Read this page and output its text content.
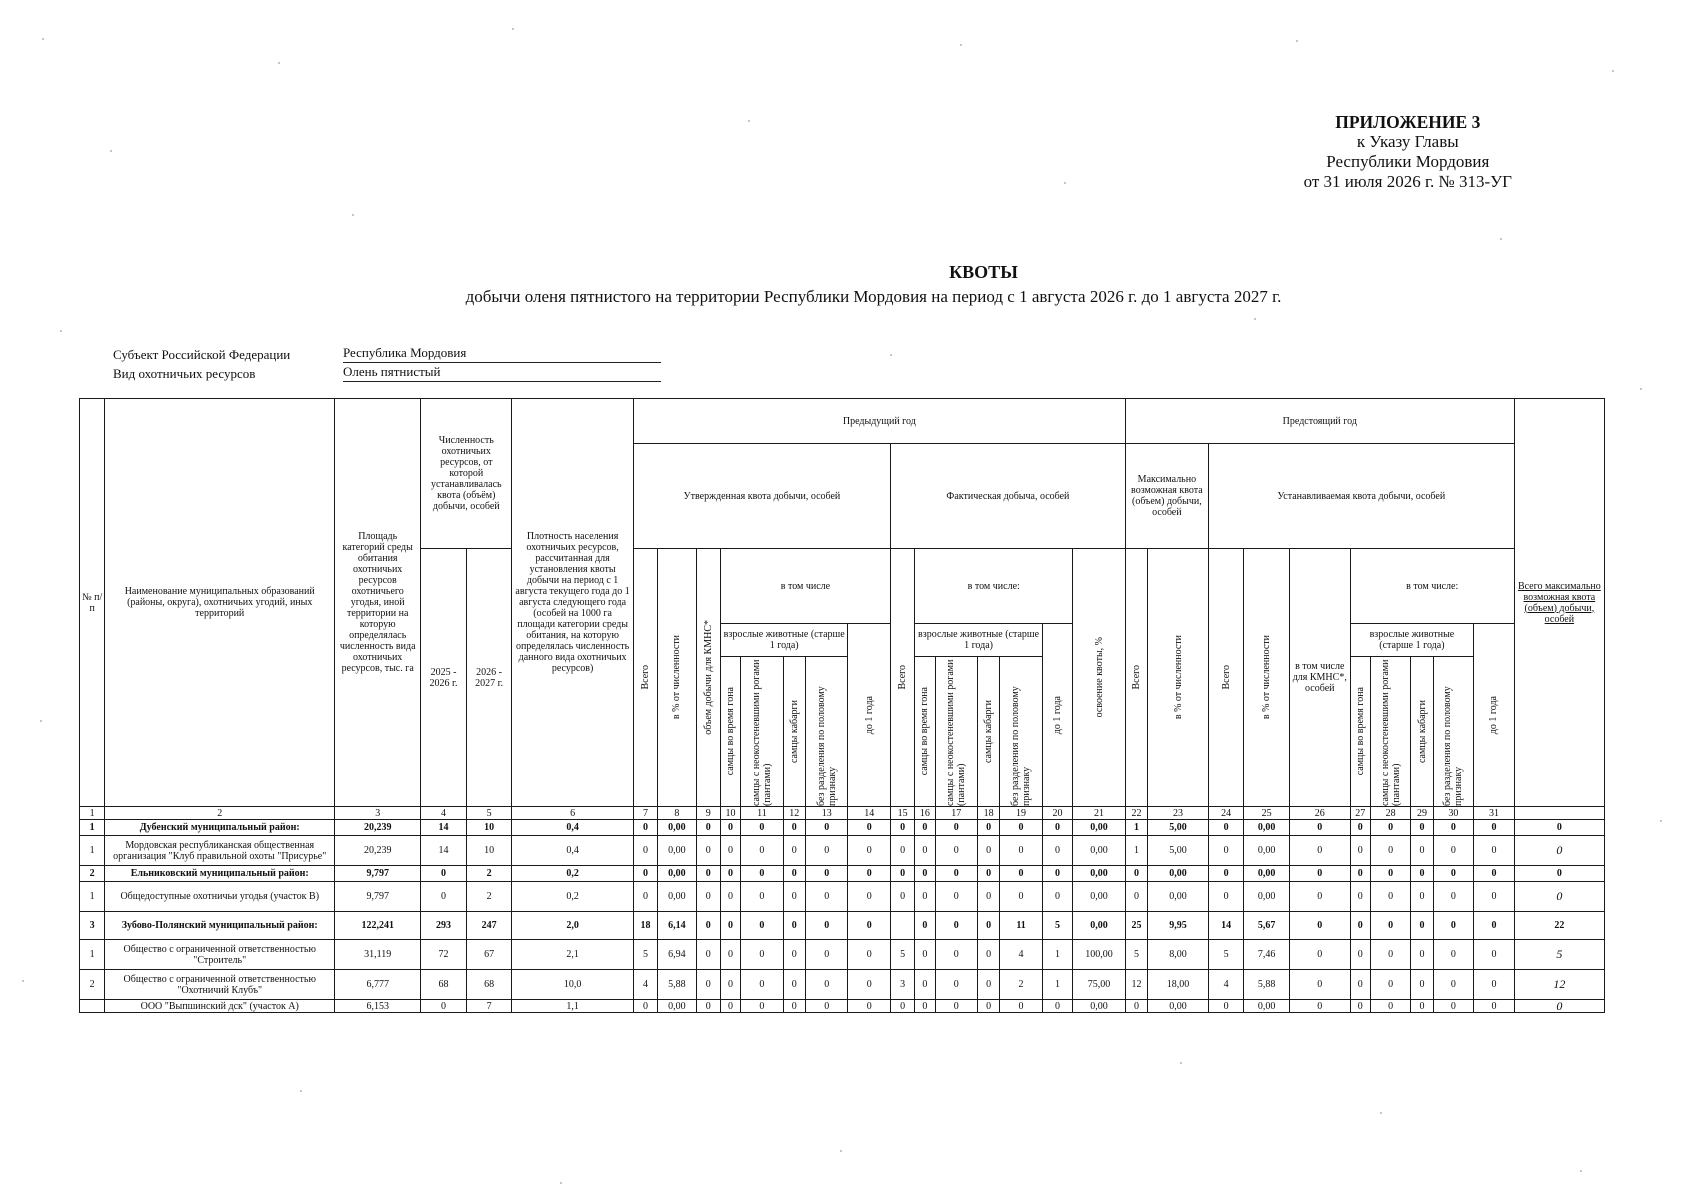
ПРИЛОЖЕНИЕ 3
к Указу Главы
Республики Мордовия
от 31 июля 2026 г. № 313-УГ
КВОТЫ
добычи оленя пятнистого на территории Республики Мордовия на период с 1 августа 2026 г. до 1 августа 2027 г.
Субъект Российской Федерации	Республика Мордовия
Вид охотничьих ресурсов	Олень пятнистый
№ п/п	Наименование муниципальных образований (районы, округа), охотничьих угодий, иных территорий	Площадь категорий среды обитания охотничьих ресурсов охотничьего угодья, иной территории на которую определялась численность вида охотничьих ресурсов, тыс. га	Численность охотничьих ресурсов, от которой устанавливалась квота (объём) добычи, особей		Плотность населения охотничьих ресурсов, рассчитанная для установления квоты добычи на период с 1 августа текущего года до 1 августа следующего года (особей на 1000 га площади категории среды обитания, на которую определялась численность данного вида охотничьих ресурсов)	Предыдущий год															Предстоящий год										Всего максимально возможная квота (объем) добычи, особей
						Утвержденная квота добычи, особей								Фактическая добыча, особей							Максимально возможная квота (объем) добычи, особей		Устанавливаемая квота добычи, особей								
			2025 - 2026 г.	2026 - 2027 г.		Всего	в % от численности	объем добычи для КМНС*	в том числе					Всего	в том числе:					освоение квоты, %	Всего	в % от численности	Всего	в % от численности	в том числе для КМНС*, особей	в том числе:					
									взрослые животные (старше 1 года)				до 1 года		взрослые животные (старше 1 года)				до 1 года							взрослые животные (старше 1 года)				до 1 года	

									самцы во время гона	самцы с неокостеневшими рогами (пантами)	самцы кабарги	без разделения по половому признаку			самцы во время гона	самцы с неокостеневшими рогами (пантами)	самцы кабарги	без разделения по половому признаку								самцы во время гона	самцы с неокостеневшими рогами (пантами)	самцы кабарги	без разделения по половому признаку		

1	2	3	4	5	6	7	8	9	10	11	12	13	14	15	16	17	18	19	20	21	22	23	24	25	26	27	28	29	30	31	
1	Дубенский муниципальный район:	20,239	14	10	0,4	0	0,00	0	0	0	0	0	0	0	0	0	0	0	0	0,00	1	5,00	0	0,00	0	0	0	0	0	0	0
1	Мордовская республиканская общественная организация "Клуб правильной охоты "Присурье"	20,239	14	10	0,4	0	0,00	0	0	0	0	0	0	0	0	0	0	0	0	0,00	1	5,00	0	0,00	0	0	0	0	0	0	0
2	Ельниковский муниципальный район:	9,797	0	2	0,2	0	0,00	0	0	0	0	0	0	0	0	0	0	0	0	0,00	0	0,00	0	0,00	0	0	0	0	0	0	0
1	Общедоступные охотничьи угодья (участок В)	9,797	0	2	0,2	0	0,00	0	0	0	0	0	0	0	0	0	0	0	0	0,00	0	0,00	0	0,00	0	0	0	0	0	0	0
3	Зубово-Полянский муниципальный район:	122,241	293	247	2,0	18	6,14	0	0	0	0	0	0		0	0	0	11	5	0,00	25	9,95	14	5,67	0	0	0	0	0	0	22
1	Общество с ограниченной ответственностью "Строитель"	31,119	72	67	2,1	5	6,94	0	0	0	0	0	0	5	0	0	0	4	1	100,00	5	8,00	5	7,46	0	0	0	0	0	0	5
2	Общество с ограниченной ответственностью "Охотничий Клубъ"	6,777	68	68	10,0	4	5,88	0	0	0	0	0	0	3	0	0	0	2	1	75,00	12	18,00	4	5,88	0	0	0	0	0	0	12
	ООО "Выпшинский дск" (участок А)	6,153	0	7	1,1	0	0,00	0	0	0	0	0	0	0	0	0	0	0	0	0,00	0	0,00	0	0,00	0	0	0	0	0	0	0
